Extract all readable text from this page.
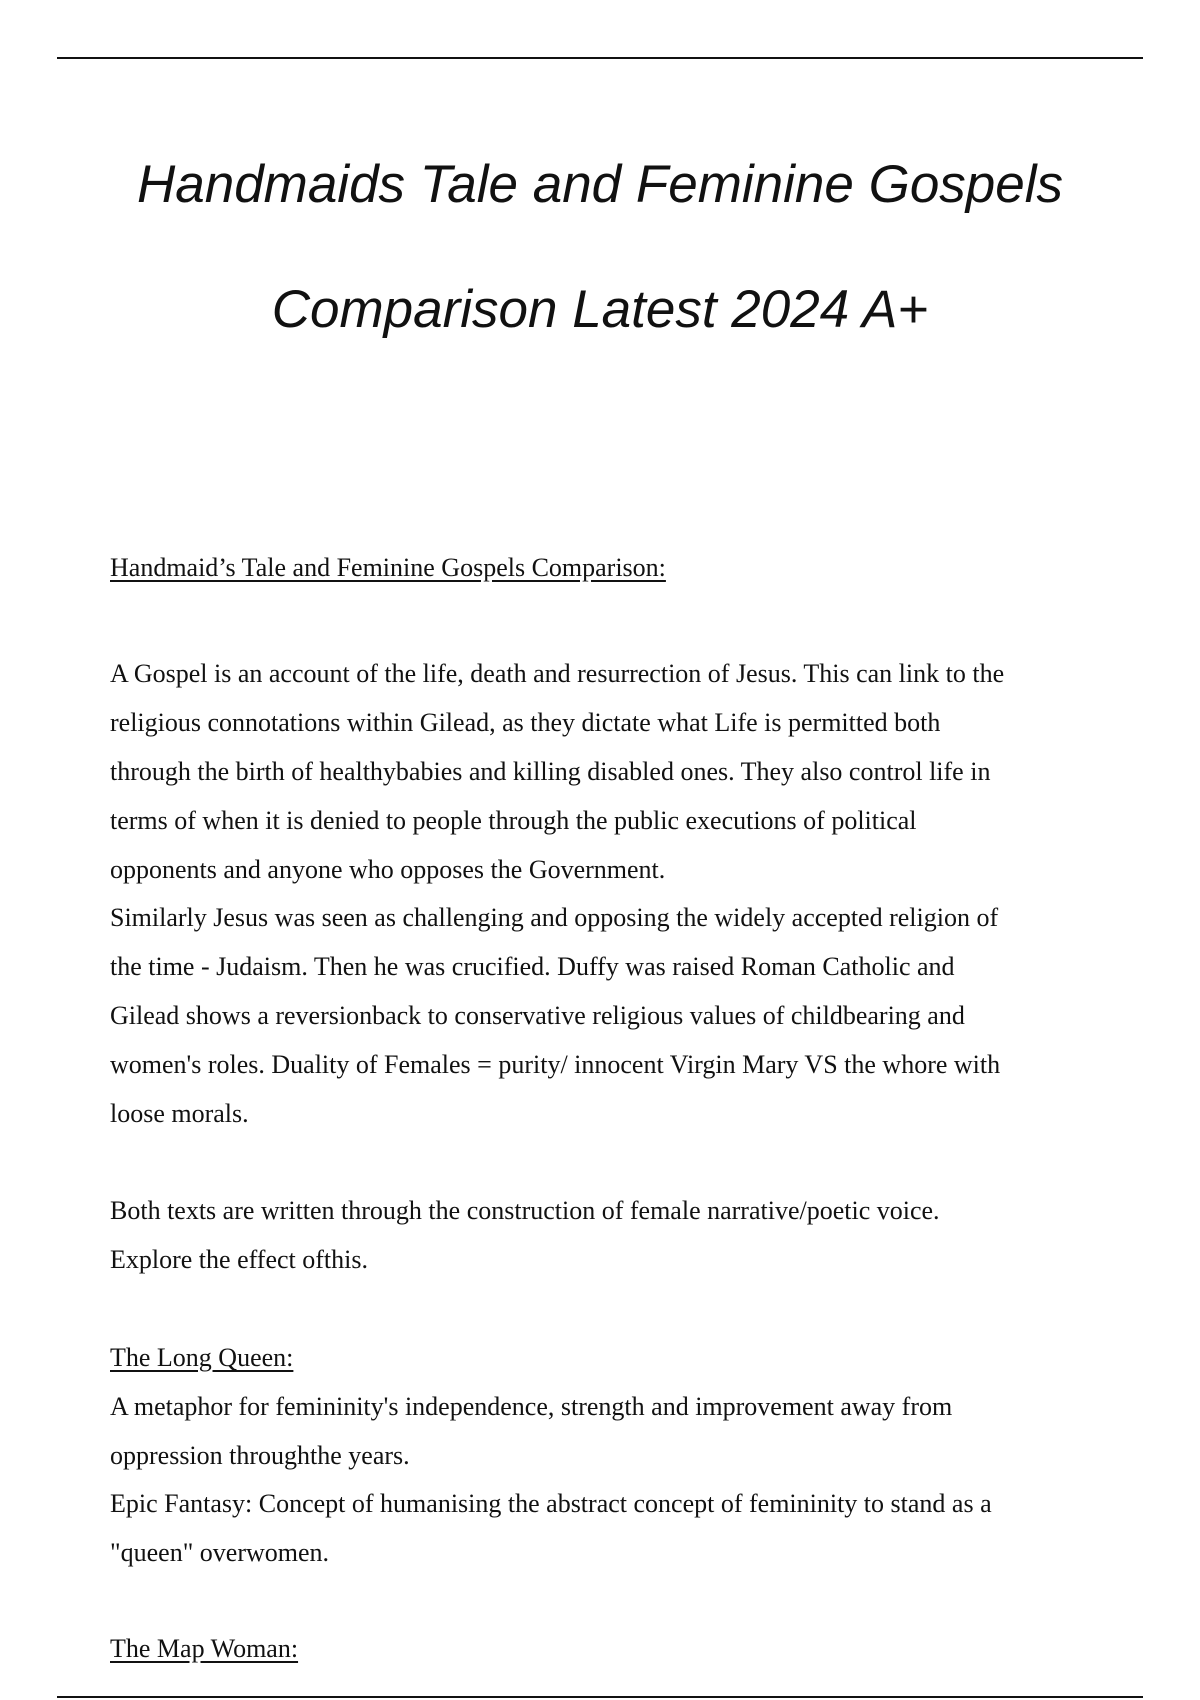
Handmaids Tale and Feminine Gospels
Comparison Latest 2024 A+
Handmaid’s Tale and Feminine Gospels Comparison:
A Gospel is an account of the life, death and resurrection of Jesus. This can link to the
religious connotations within Gilead, as they dictate what Life is permitted both
through the birth of healthybabies and killing disabled ones. They also control life in
terms of when it is denied to people through the public executions of political
opponents and anyone who opposes the Government.
Similarly Jesus was seen as challenging and opposing the widely accepted religion of
the time - Judaism. Then he was crucified. Duffy was raised Roman Catholic and
Gilead shows a reversionback to conservative religious values of childbearing and
women's roles. Duality of Females = purity/ innocent Virgin Mary VS the whore with
loose morals.
Both texts are written through the construction of female narrative/poetic voice.
Explore the effect ofthis.
The Long Queen:
A metaphor for femininity's independence, strength and improvement away from
oppression throughthe years.
Epic Fantasy: Concept of humanising the abstract concept of femininity to stand as a
"queen" overwomen.
The Map Woman:
